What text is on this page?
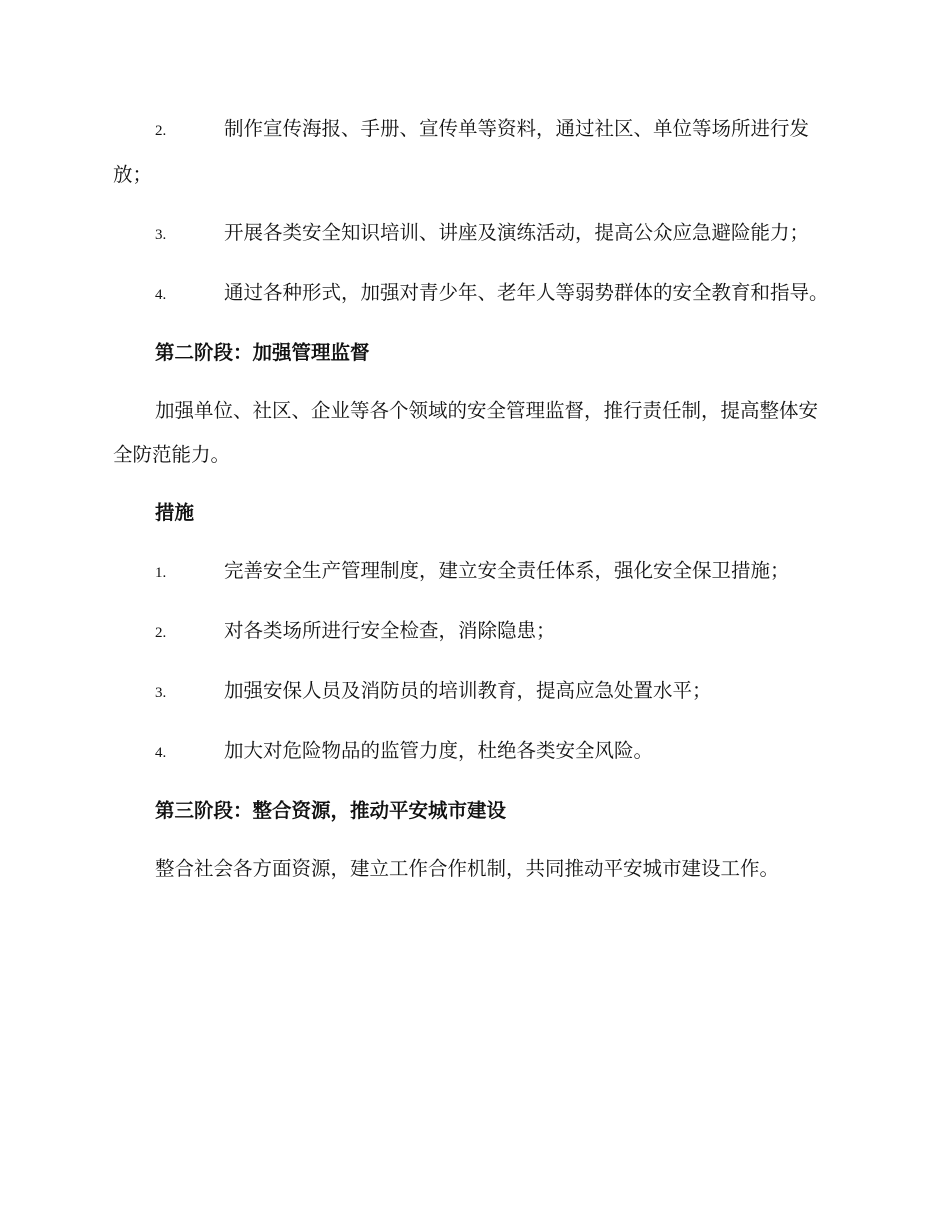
2.	制作宣传海报、手册、宣传单等资料，通过社区、单位等场所进行发放；

3.	开展各类安全知识培训、讲座及演练活动，提高公众应急避险能力；

4.	通过各种形式，加强对青少年、老年人等弱势群体的安全教育和指导。

第二阶段：加强管理监督

加强单位、社区、企业等各个领域的安全管理监督，推行责任制，提高整体安全防范能力。

措施

1.	完善安全生产管理制度，建立安全责任体系，强化安全保卫措施；

2.	对各类场所进行安全检查，消除隐患；

3.	加强安保人员及消防员的培训教育，提高应急处置水平；

4.	加大对危险物品的监管力度，杜绝各类安全风险。

第三阶段：整合资源，推动平安城市建设

整合社会各方面资源，建立工作合作机制，共同推动平安城市建设工作。
